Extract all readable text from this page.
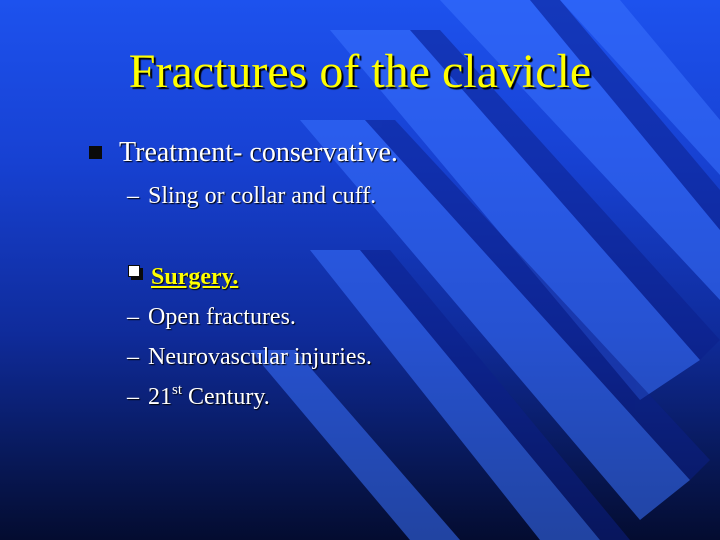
Fractures of the clavicle
Treatment- conservative.
– Sling or collar and cuff.
Surgery.
– Open fractures.
– Neurovascular injuries.
– 21st Century.
